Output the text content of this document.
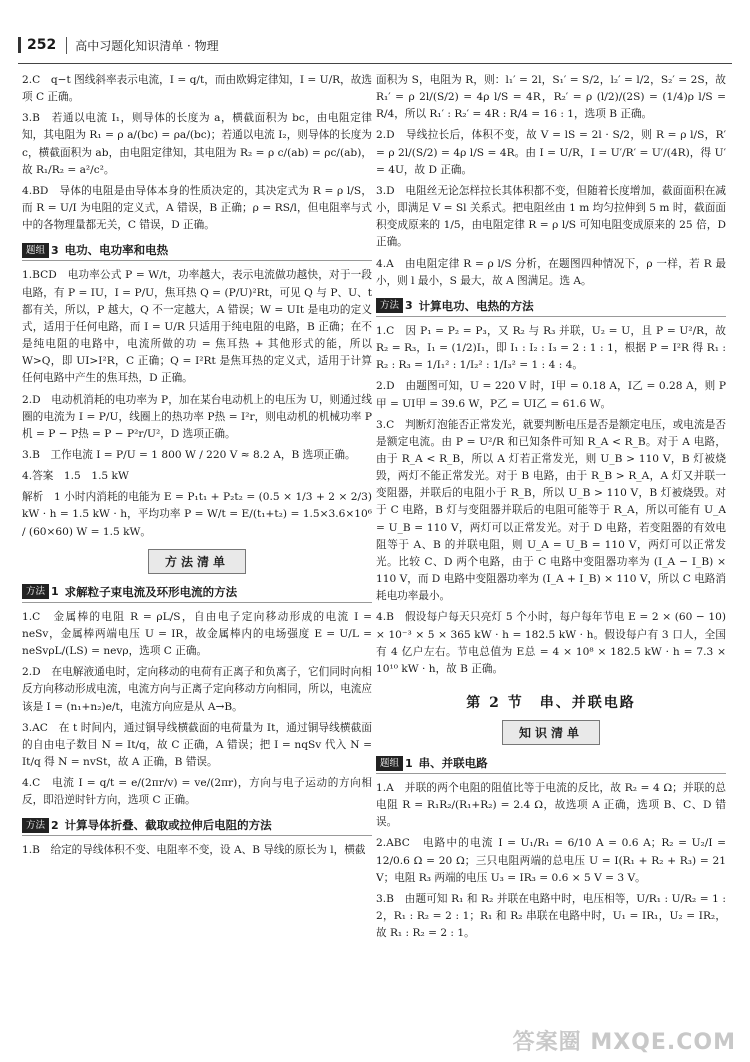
252	高中习题化知识清单 · 物理

2.C　q−t 图线斜率表示电流，I = q/t，而由欧姆定律知，I = U/R，故选项 C 正确。

3.B　若通以电流 I₁，则导体的长度为 a，横截面积为 bc，由电阻定律知，其电阻为 R₁ = ρ a/(bc) = ρa/(bc)；若通以电流 I₂，则导体的长度为 c，横截面积为 ab，由电阻定律知，其电阻为 R₂ = ρ c/(ab) = ρc/(ab)，故 R₁/R₂ = a²/c²。

4.BD　导体的电阻是由导体本身的性质决定的，其决定式为 R = ρ l/S，而 R = U/I 为电阻的定义式，A 错误，B 正确；ρ = RS/l，但电阻率与式中的各物理量都无关，C 错误，D 正确。

题组 3 电功、电功率和电热

1.BCD　电功率公式 P = W/t，功率越大，表示电流做功越快，对于一段电路，有 P = IU，I = P/U，焦耳热 Q = (P/U)²Rt，可见 Q 与 P、U、t 都有关，所以，P 越大，Q 不一定越大，A 错误；W = UIt 是电功的定义式，适用于任何电路，而 I = U/R 只适用于纯电阻的电路，B 正确；在不是纯电阻的电路中，电流所做的功 = 焦耳热 + 其他形式的能，所以 W>Q，即 UI>I²R，C 正确；Q = I²Rt 是焦耳热的定义式，适用于计算任何电路中产生的焦耳热，D 正确。

2.D　电动机消耗的电功率为 P，加在某台电动机上的电压为 U，则通过线圈的电流为 I = P/U，线圈上的热功率 P热 = I²r，则电动机的机械功率 P机 = P − P热 = P − P²r/U²，D 选项正确。

3.B　工作电流 I = P/U = 1 800 W / 220 V ≈ 8.2 A，B 选项正确。

4.答案　1.5　1.5 kW

解析　1 小时内消耗的电能为 E = P₁t₁ + P₂t₂ = (0.5 × 1/3 + 2 × 2/3) kW · h = 1.5 kW · h，平均功率 P = W/t = E/(t₁+t₂) = 1.5×3.6×10⁶ / (60×60) W = 1.5 kW。

方法清单
方法 1 求解粒子束电流及环形电流的方法

1.C　金属棒的电阻 R = ρL/S，自由电子定向移动形成的电流 I = neSv，金属棒两端电压 U = IR，故金属棒内的电场强度 E = U/L = neSvρL/(LS) = nevρ，选项 C 正确。

2.D　在电解液通电时，定向移动的电荷有正离子和负离子，它们同时向相反方向移动形成电流，电流方向与正离子定向移动方向相同，所以，电流应该是 I = (n₁+n₂)e/t，电流方向应是从 A→B。

3.AC　在 t 时间内，通过铜导线横截面的电荷量为 It，通过铜导线横截面的自由电子数目 N = It/q，故 C 正确，A 错误；把 I = nqSv 代入 N = It/q 得 N = nvSt，故 A 正确，B 错误。

4.C　电流 I = q/t = e/(2πr/v) = ve/(2πr)，方向与电子运动的方向相反，即沿逆时针方向，选项 C 正确。

方法 2 计算导体折叠、截取或拉伸后电阻的方法

1.B　给定的导线体积不变、电阻率不变，设 A、B 导线的原长为 l，横截

面积为 S，电阻为 R，则：l₁′ = 2l，S₁′ = S/2，l₂′ = l/2，S₂′ = 2S，故 R₁′ = ρ 2l/(S/2) = 4ρ l/S = 4R，R₂′ = ρ (l/2)/(2S) = (1/4)ρ l/S = R/4，所以 R₁′ : R₂′ = 4R : R/4 = 16 : 1，选项 B 正确。

2.D　导线拉长后，体积不变，故 V = lS = 2l · S/2，则 R = ρ l/S，R′ = ρ 2l/(S/2) = 4ρ l/S = 4R。由 I = U/R，I = U′/R′ = U′/(4R)，得 U′ = 4U，故 D 正确。

3.D　电阻丝无论怎样拉长其体积都不变，但随着长度增加，截面面积在减小，即满足 V = Sl 关系式。把电阻丝由 1 m 均匀拉伸到 5 m 时，截面面积变成原来的 1/5，由电阻定律 R = ρ l/S 可知电阻变成原来的 25 倍，D 正确。

4.A　由电阻定律 R = ρ l/S 分析，在题图四种情况下，ρ 一样，若 R 最小，则 l 最小，S 最大，故 A 图满足。选 A。

方法 3 计算电功、电热的方法

1.C　因 P₁ = P₂ = P₃，又 R₂ 与 R₃ 并联，U₂ = U，且 P = U²/R，故 R₂ = R₃，I₁ = (1/2)I₁，即 I₁ : I₂ : I₃ = 2 : 1 : 1，根据 P = I²R 得 R₁ : R₂ : R₃ = 1/I₁² : 1/I₂² : 1/I₃² = 1 : 4 : 4。

2.D　由题图可知，U = 220 V 时，I甲 = 0.18 A，I乙 = 0.28 A，则 P甲 = UI甲 = 39.6 W，P乙 = UI乙 = 61.6 W。

3.C　判断灯泡能否正常发光，就要判断电压是否是额定电压，或电流是否是额定电流。由 P = U²/R 和已知条件可知 R_A < R_B。对于 A 电路，由于 R_A < R_B，所以 A 灯若正常发光，则 U_B > 110 V，B 灯被烧毁，两灯不能正常发光。对于 B 电路，由于 R_B > R_A，A 灯又并联一变阻器，并联后的电阻小于 R_B，所以 U_B > 110 V，B 灯被烧毁。对于 C 电路，B 灯与变阻器并联后的电阻可能等于 R_A，所以可能有 U_A = U_B = 110 V，两灯可以正常发光。对于 D 电路，若变阻器的有效电阻等于 A、B 的并联电阻，则 U_A = U_B = 110 V，两灯可以正常发光。比较 C、D 两个电路，由于 C 电路中变阻器功率为 (I_A − I_B) × 110 V，而 D 电路中变阻器功率为 (I_A + I_B) × 110 V，所以 C 电路消耗电功率最小。

4.B　假设每户每天只亮灯 5 个小时，每户每年节电 E = 2 × (60 − 10) × 10⁻³ × 5 × 365 kW · h = 182.5 kW · h。假设每户有 3 口人，全国有 4 亿户左右。节电总值为 E总 = 4 × 10⁸ × 182.5 kW · h = 7.3 × 10¹⁰ kW · h，故 B 正确。

第 2 节　串、并联电路
知识清单
题组 1 串、并联电路

1.A　并联的两个电阻的阻值比等于电流的反比，故 R₂ = 4 Ω；并联的总电阻 R = R₁R₂/(R₁+R₂) = 2.4 Ω，故选项 A 正确，选项 B、C、D 错误。

2.ABC　电路中的电流 I = U₁/R₁ = 6/10 A = 0.6 A；R₂ = U₂/I = 12/0.6 Ω = 20 Ω；三只电阻两端的总电压 U = I(R₁ + R₂ + R₃) = 21 V；电阻 R₃ 两端的电压 U₃ = IR₃ = 0.6 × 5 V = 3 V。

3.B　由题可知 R₁ 和 R₂ 并联在电路中时，电压相等，U/R₁ : U/R₂ = 1 : 2，R₁ : R₂ = 2 : 1；R₁ 和 R₂ 串联在电路中时，U₁ = IR₁，U₂ = IR₂，故 R₁ : R₂ = 2 : 1。

答案圈 MXQE.COM
